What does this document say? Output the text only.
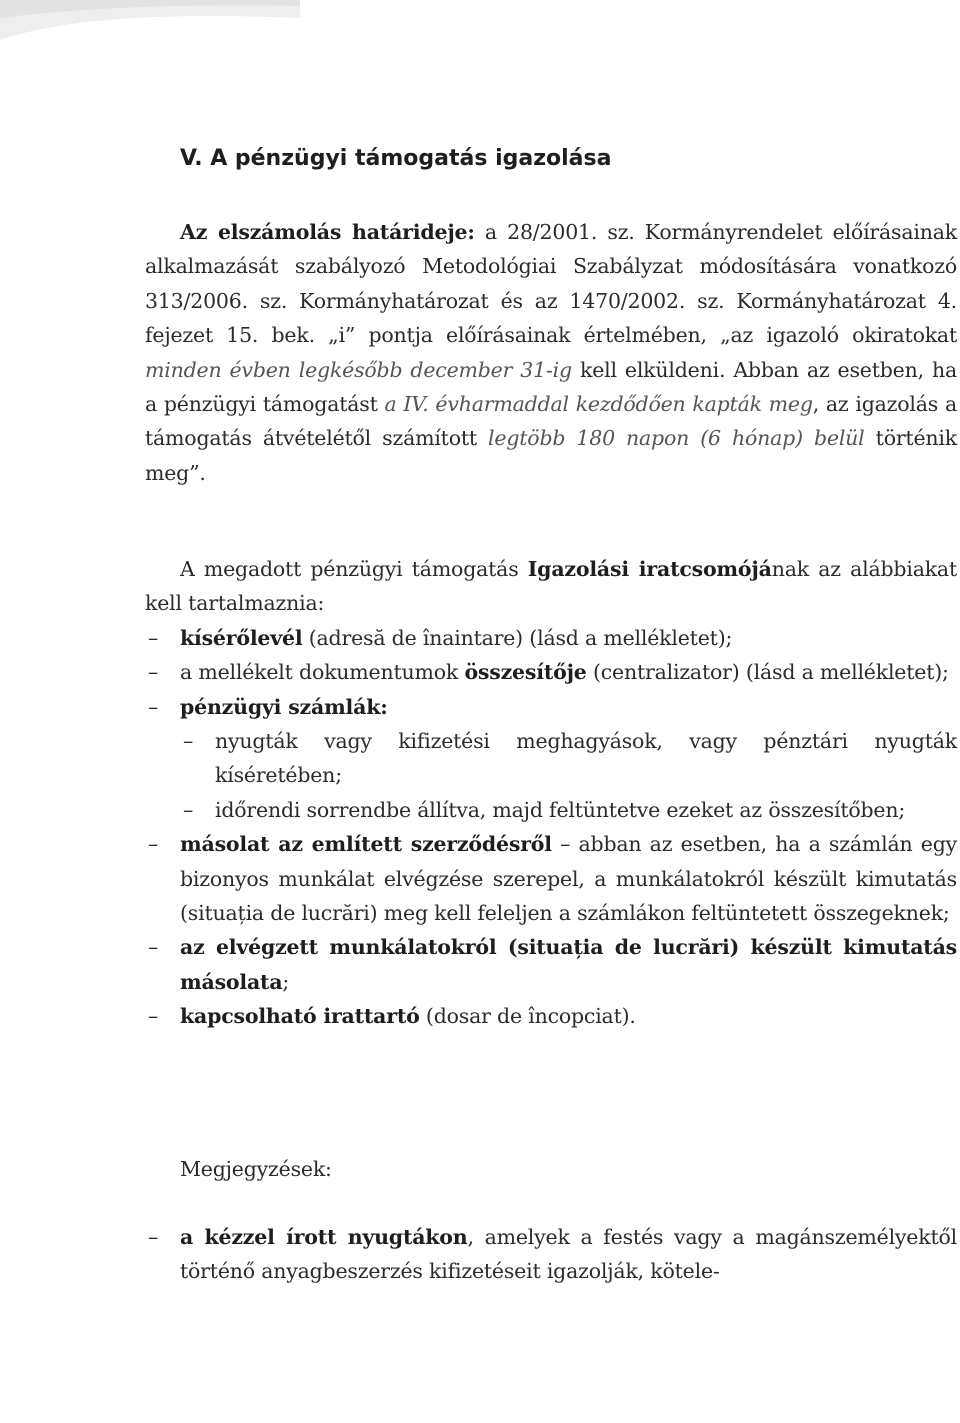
V. A pénzügyi támogatás igazolása

Az elszámolás határideje: a 28/2001. sz. Kormányrendelet előírásainak alkalmazását szabályozó Metodológiai Szabályzat módosítására vonatkozó 313/2006. sz. Kormányhatározat és az 1470/2002. sz. Kormányhatározat 4. fejezet 15. bek. „i” pontja előírásainak értelmében, „az igazoló okiratokat minden évben legkésőbb december 31-ig kell elküldeni. Abban az esetben, ha a pénzügyi támogatást a IV. évharmaddal kezdődően kapták meg, az igazolás a támogatás átvételétől számított legtöbb 180 napon (6 hónap) belül történik meg”.

A megadott pénzügyi támogatás Igazolási iratcsomójának az alábbiakat kell tartalmaznia:
– kísérőlevél (adresă de înaintare) (lásd a mellékletet);
– a mellékelt dokumentumok összesítője (centralizator) (lásd a mellékletet);
– pénzügyi számlák:
– nyugták vagy kifizetési meghagyások, vagy pénztári nyugták kíséretében;
– időrendi sorrendbe állítva, majd feltüntetve ezeket az összesítőben;
– másolat az említett szerződésről – abban az esetben, ha a számlán egy bizonyos munkálat elvégzése szerepel, a munkálatokról készült kimutatás (situația de lucrări) meg kell feleljen a számlákon feltüntetett összegeknek;
– az elvégzett munkálatokról (situația de lucrări) készült kimutatás másolata;
– kapcsolható irattartó (dosar de încopciat).

Megjegyzések:

– a kézzel írott nyugtákon, amelyek a festés vagy a magánszemélyektől történő anyagbeszerzés kifizetéseit igazolják, kötele-
